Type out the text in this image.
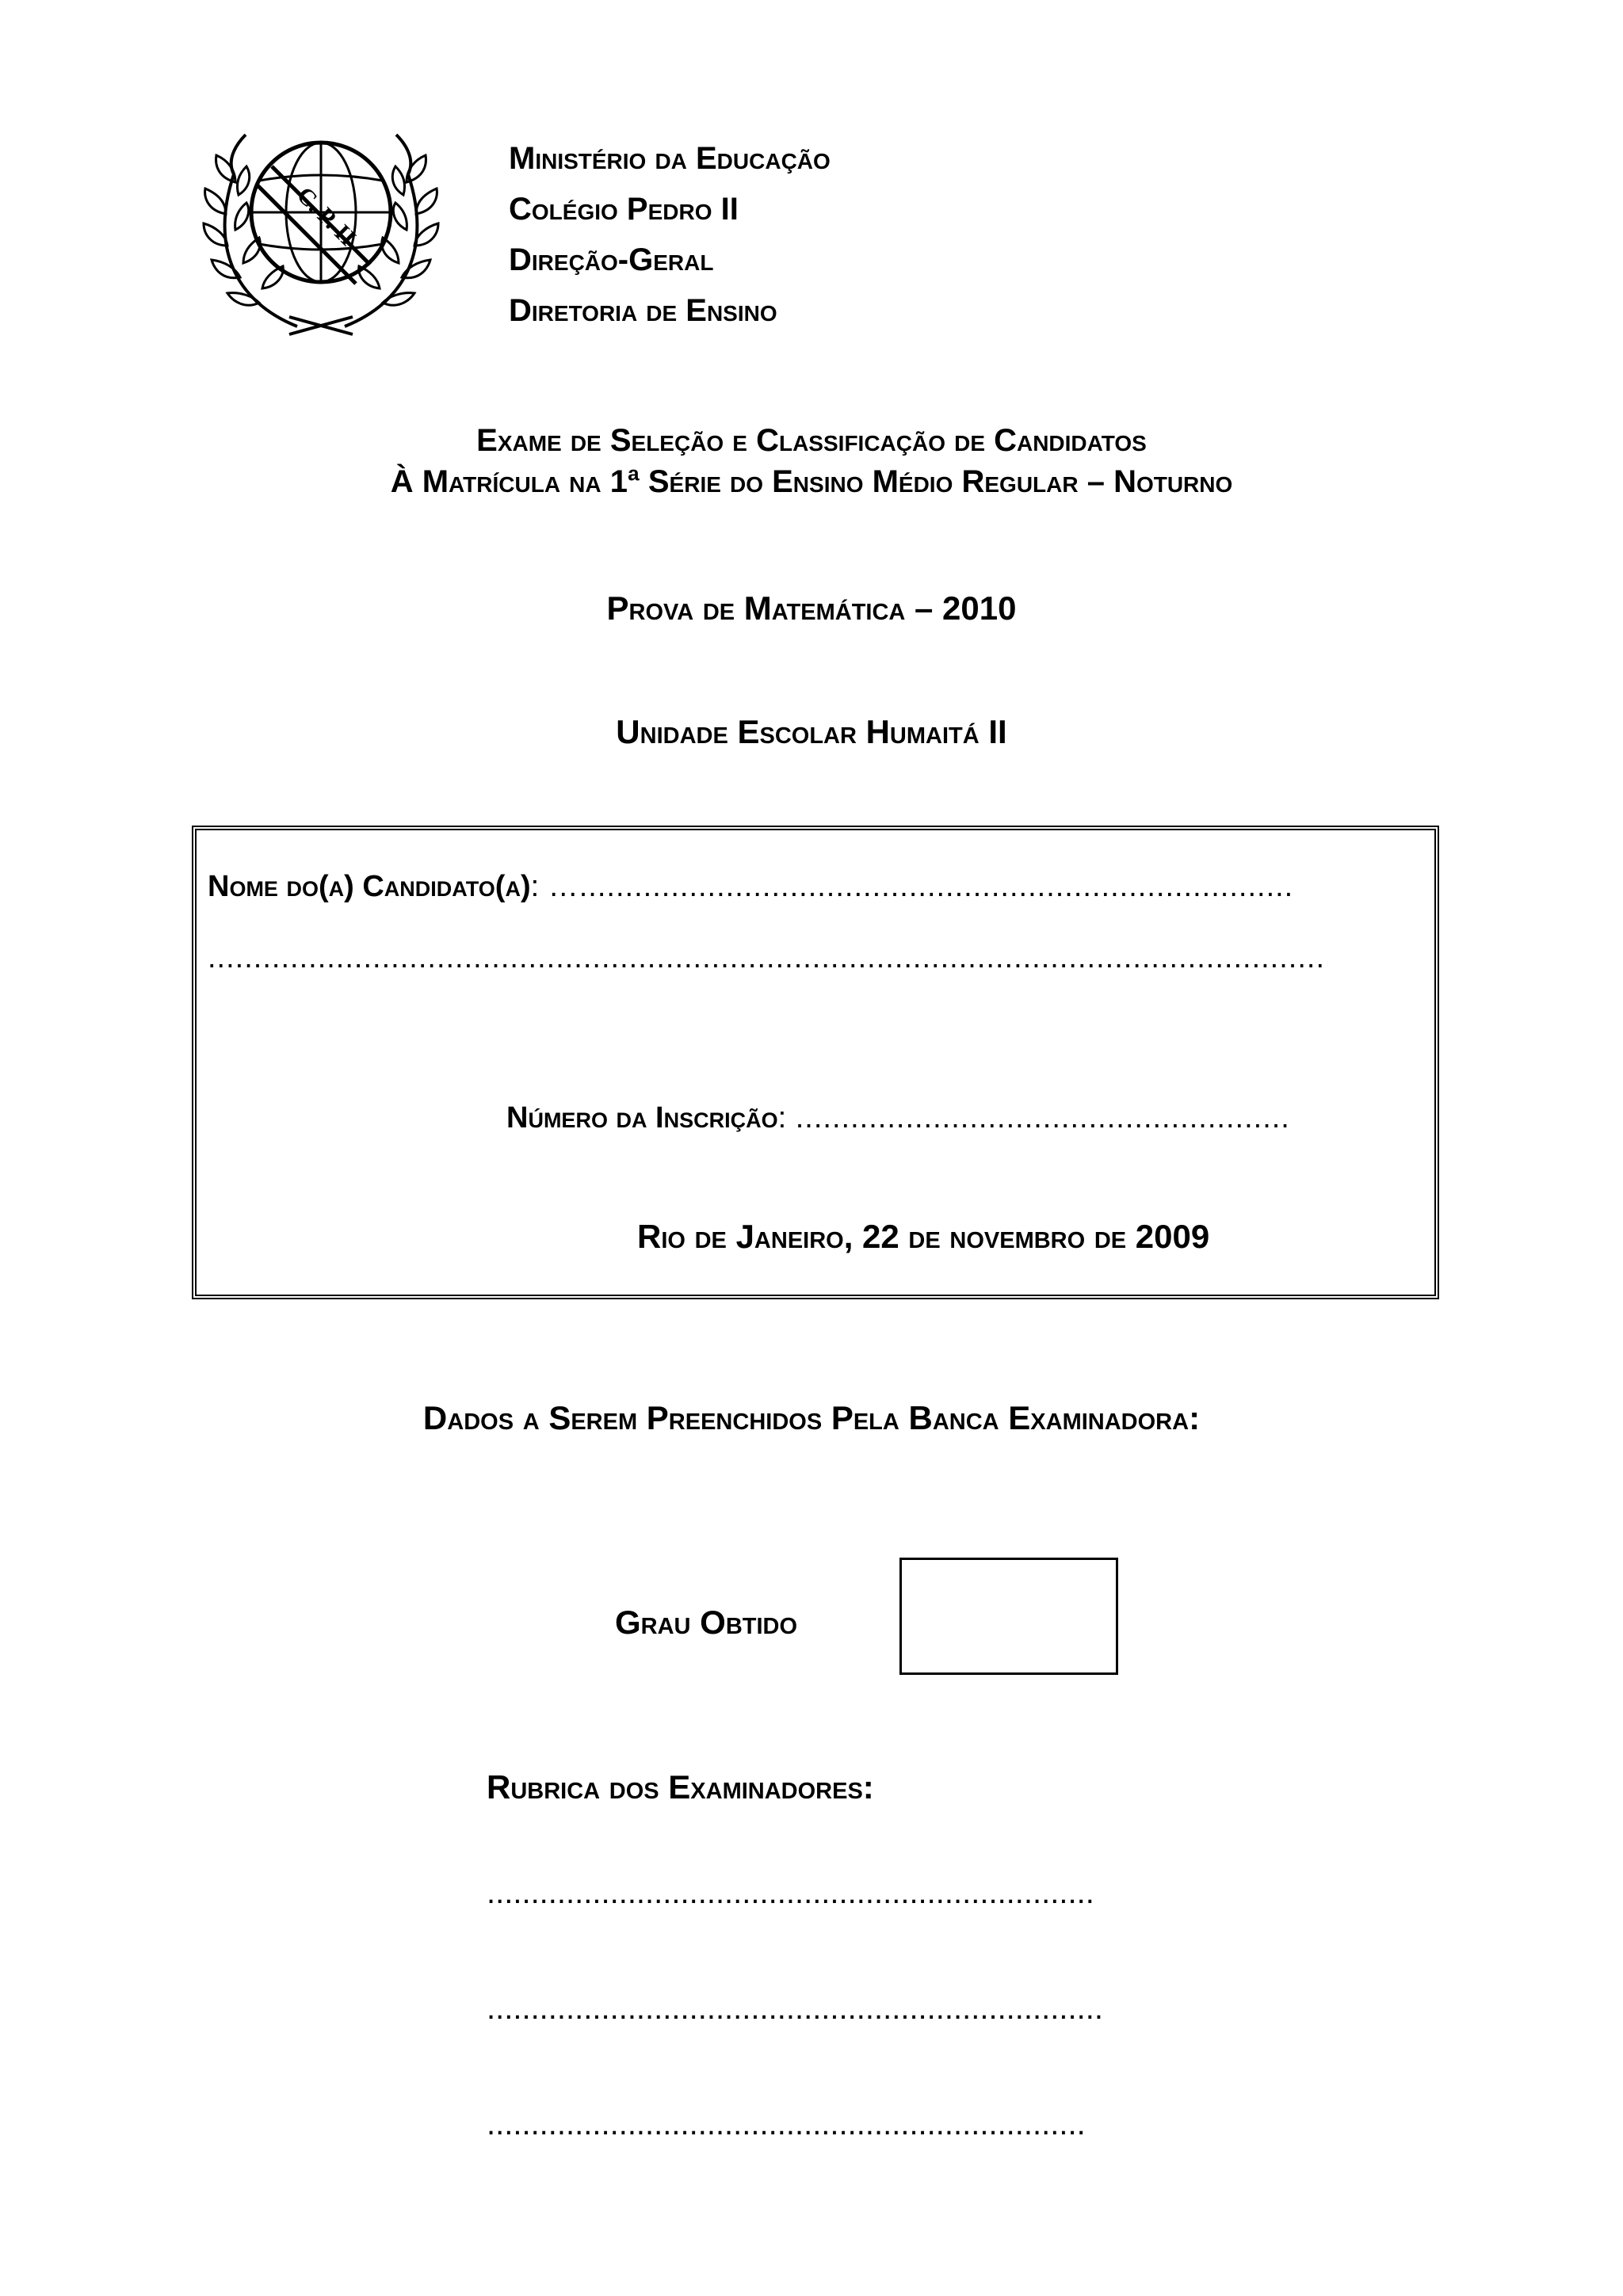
C. P. II
Ministério da Educação
Colégio Pedro II
Direção-Geral
Diretoria de Ensino
Exame de Seleção e Classificação de Candidatos
À Matrícula na 1ª Série do Ensino Médio Regular – Noturno
Prova de Matemática – 2010
Unidade Escolar Humaitá II
Nome do(a) Candidato(a): …..............................................................................
..........................................................................................................................
Número da Inscrição: ......................................................
Rio de Janeiro, 22 de novembro de 2009
Dados a Serem Preenchidos Pela Banca Examinadora:
Grau Obtido
Rubrica dos Examinadores:
.....................................................................
......................................................................
....................................................................
